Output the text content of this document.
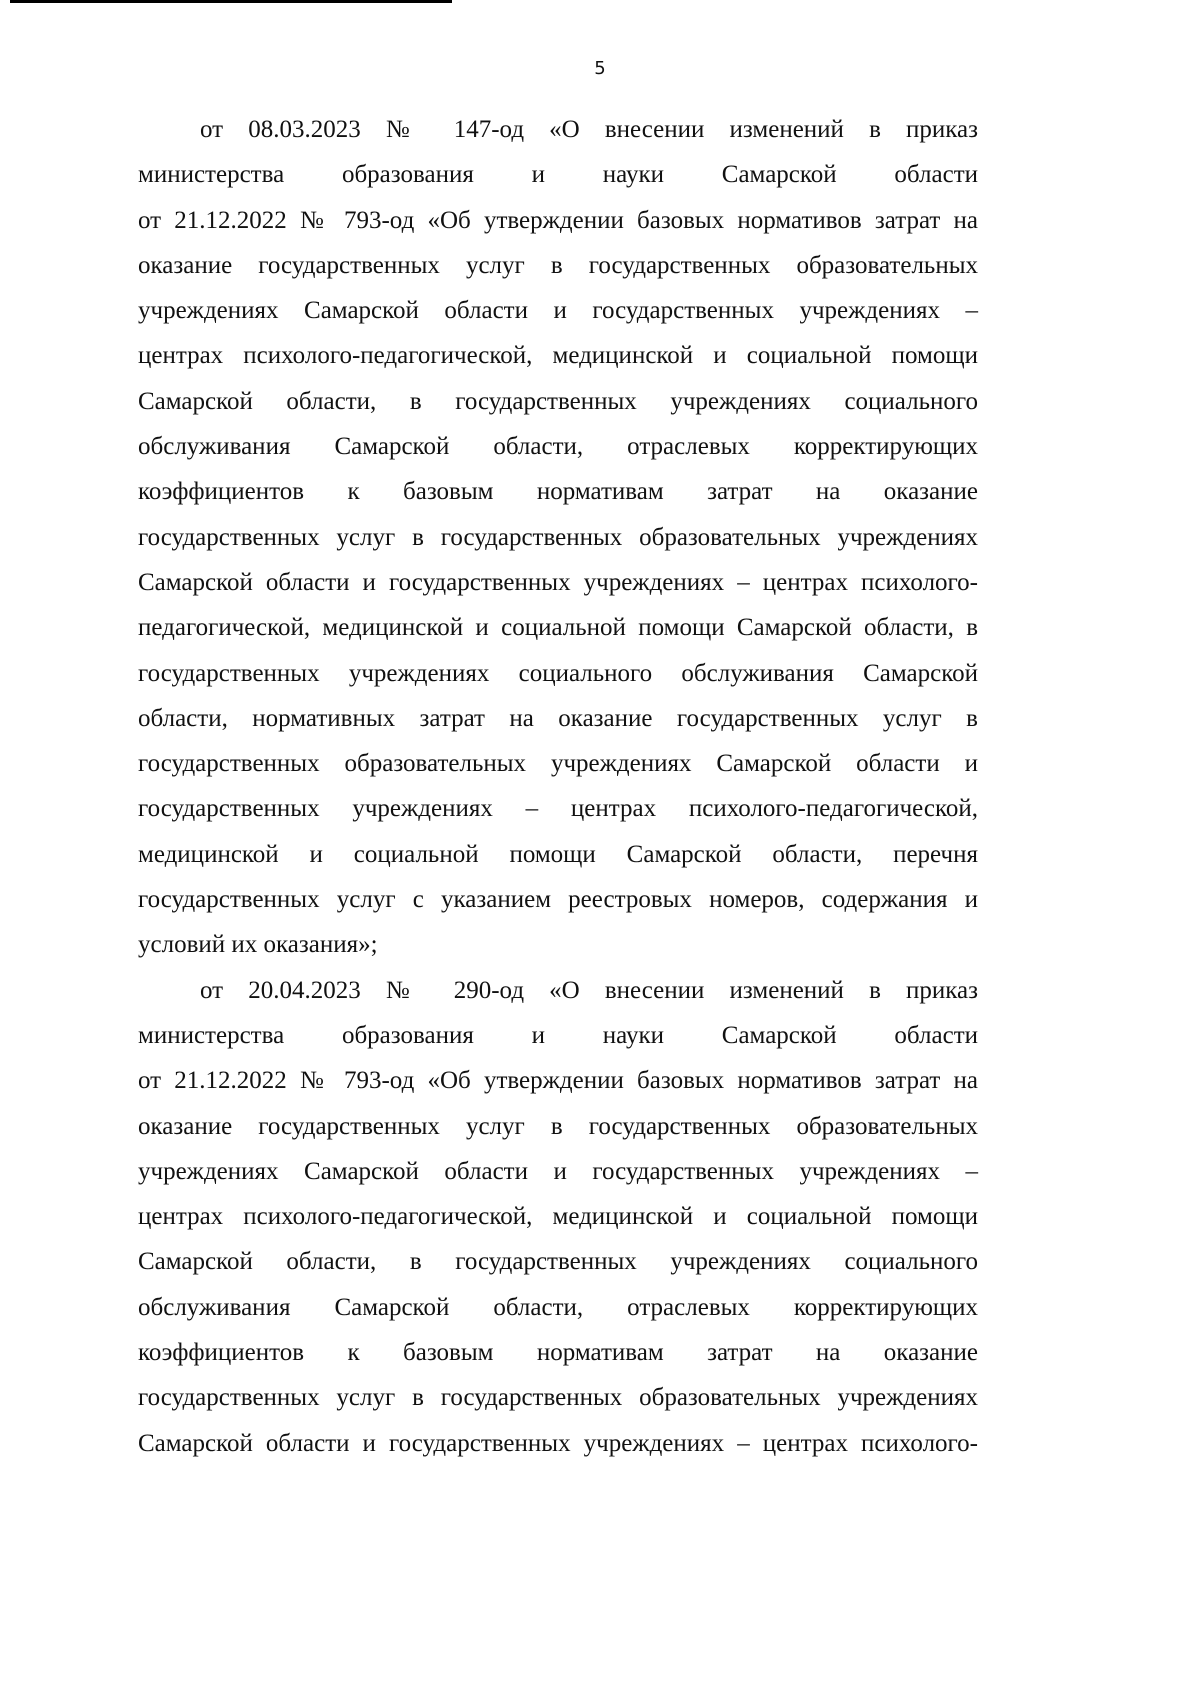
5
от 08.03.2023 № 147-од «О внесении изменений в приказ
министерства образования и науки Самарской области
от 21.12.2022 № 793-од «Об утверждении базовых нормативов затрат на
оказание государственных услуг в государственных образовательных
учреждениях Самарской области и государственных учреждениях –
центрах психолого-педагогической, медицинской и социальной помощи
Самарской области, в государственных учреждениях социального
обслуживания Самарской области, отраслевых корректирующих
коэффициентов к базовым нормативам затрат на оказание
государственных услуг в государственных образовательных учреждениях
Самарской области и государственных учреждениях – центрах психолого-
педагогической, медицинской и социальной помощи Самарской области, в
государственных учреждениях социального обслуживания Самарской
области, нормативных затрат на оказание государственных услуг в
государственных образовательных учреждениях Самарской области и
государственных учреждениях – центрах психолого-педагогической,
медицинской и социальной помощи Самарской области, перечня
государственных услуг с указанием реестровых номеров, содержания и
условий их оказания»;
от 20.04.2023 № 290-од «О внесении изменений в приказ
министерства образования и науки Самарской области
от 21.12.2022 № 793-од «Об утверждении базовых нормативов затрат на
оказание государственных услуг в государственных образовательных
учреждениях Самарской области и государственных учреждениях –
центрах психолого-педагогической, медицинской и социальной помощи
Самарской области, в государственных учреждениях социального
обслуживания Самарской области, отраслевых корректирующих
коэффициентов к базовым нормативам затрат на оказание
государственных услуг в государственных образовательных учреждениях
Самарской области и государственных учреждениях – центрах психолого-
